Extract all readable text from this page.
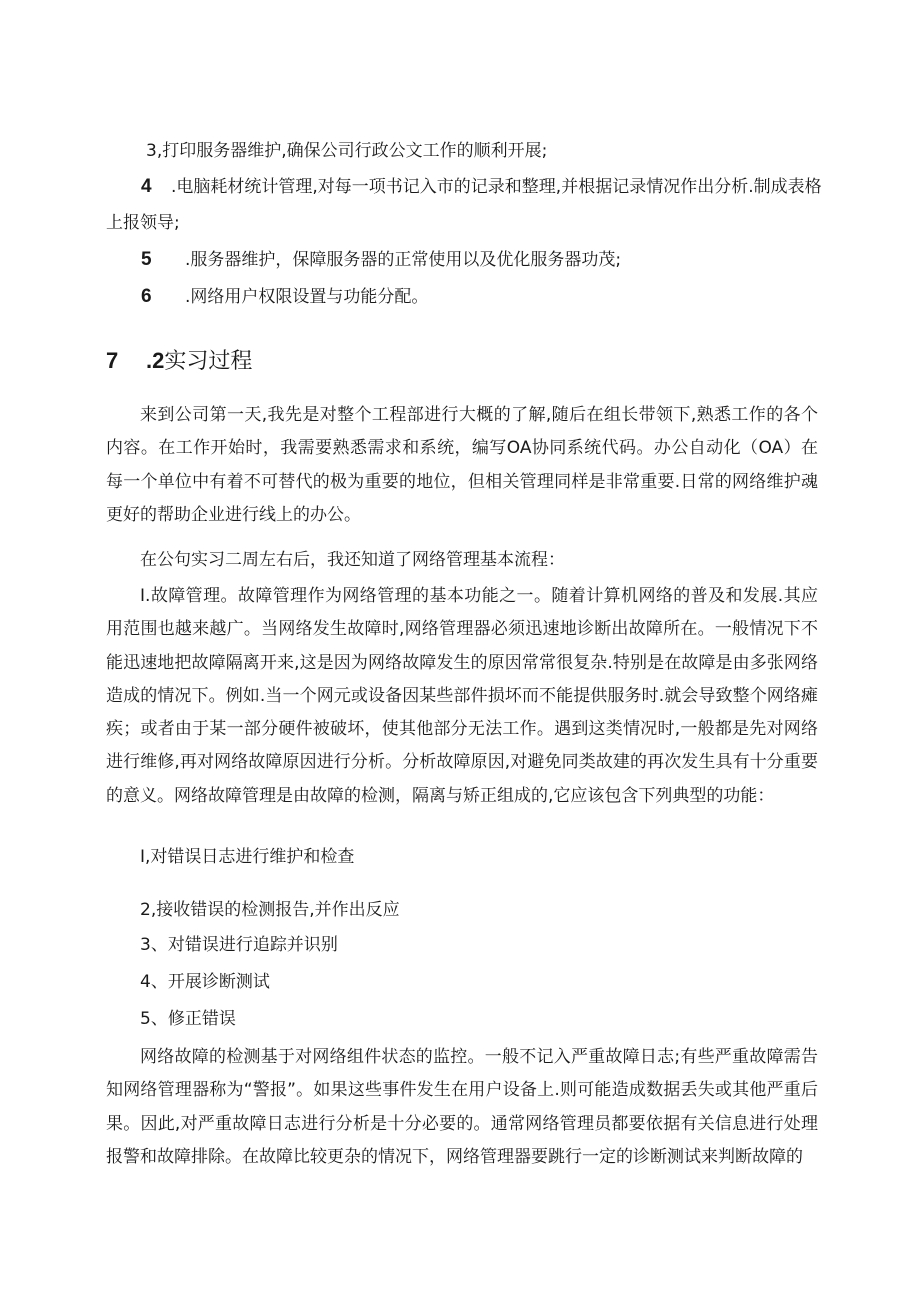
3,打印服务器维护,确保公司行政公文工作的顺利开展;
4 .电脑耗材统计管理,对每一项书记入市的记录和整理,并根据记录情况作出分析.制成表格
上报领导;
5 .服务器维护，保障服务器的正常使用以及优化服务器功茂;
6 .网络用户权限设置与功能分配。
7 .2实习过程
来到公司第一天,我先是对整个工程部进行大概的了解,随后在组长带领下,熟悉工作的各个内容。在工作开始时，我需要熟悉需求和系统，编写OA协同系统代码。办公自动化（OA）在每一个单位中有着不可替代的极为重要的地位，但相关管理同样是非常重要.日常的网络维护魂更好的帮助企业进行线上的办公。
在公句实习二周左右后，我还知道了网络管理基本流程：
I.故障管理。故障管理作为网络管理的基本功能之一。随着计算机网络的普及和发展.其应用范围也越来越广。当网络发生故障时,网络管理器必须迅速地诊断出故障所在。一般情况下不能迅速地把故障隔离开来,这是因为网络故障发生的原因常常很复杂.特别是在故障是由多张网络造成的情况下。例如.当一个网元或设备因某些部件损坏而不能提供服务时.就会导致整个网络瘫疾；或者由于某一部分硬件被破坏，使其他部分无法工作。遇到这类情况时,一般都是先对网络进行维修,再对网络故障原因进行分析。分析故障原因,对避免同类故建的再次发生具有十分重要的意义。网络故障管理是由故障的检测，隔离与矫正组成的,它应该包含下列典型的功能：
I,对错误日志进行维护和检查
2,接收错误的检测报告,并作出反应
3、对错误进行追踪并识别
4、开展诊断测试
5、修正错误
网络故障的检测基于对网络组件状态的监控。一般不记入严重故障日志;有些严重故障需告知网络管理器称为“警报”。如果这些事件发生在用户设备上.则可能造成数据丢失或其他严重后果。因此,对严重故障日志进行分析是十分必要的。通常网络管理员都要依据有关信息进行处理报警和故障排除。在故障比较更杂的情况下，网络管理器要跳行一定的诊断测试来判断故障的
